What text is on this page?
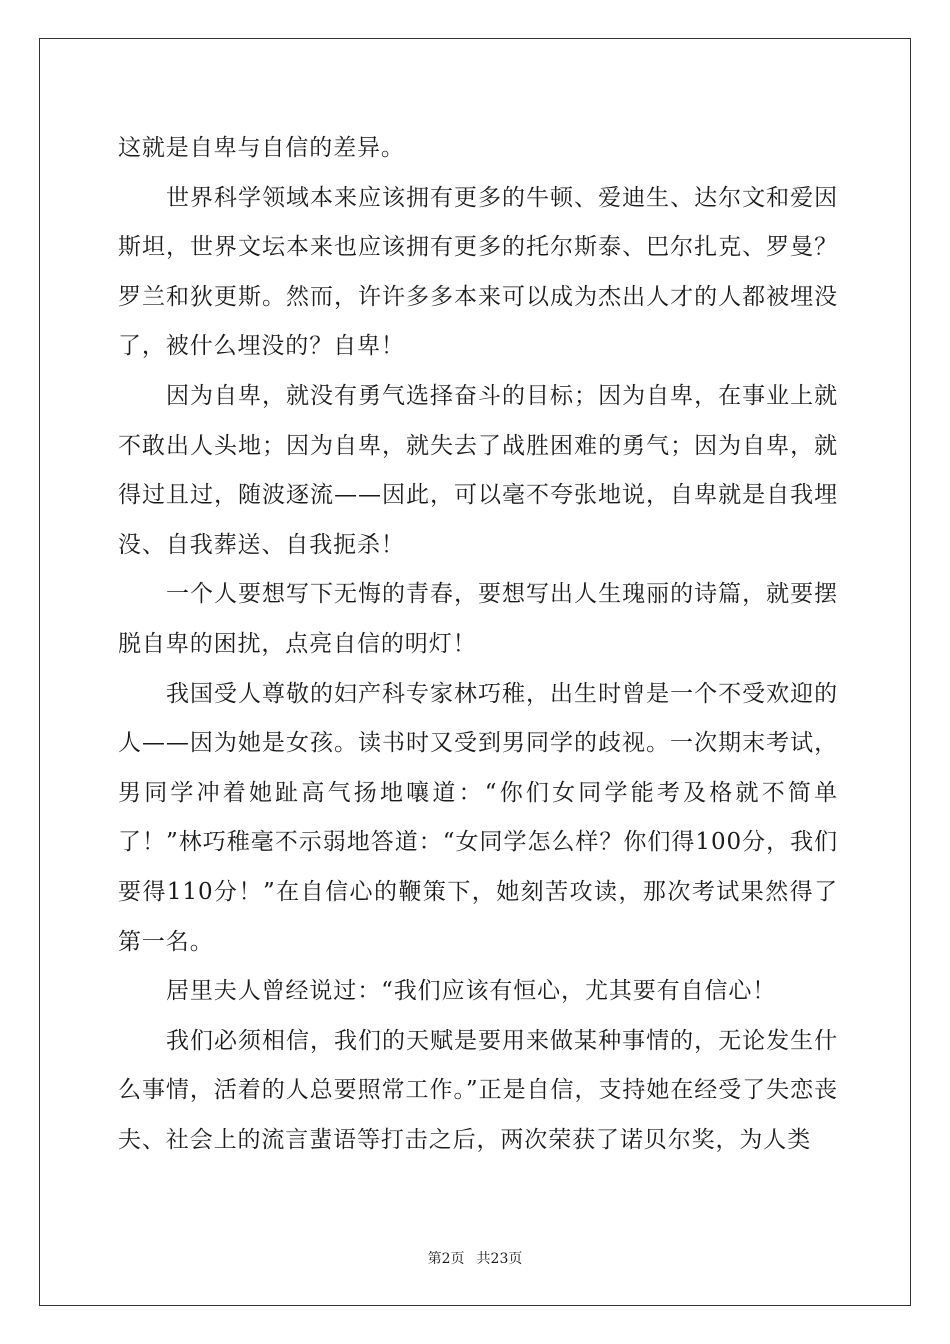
这就是自卑与自信的差异。

世界科学领域本来应该拥有更多的牛顿、爱迪生、达尔文和爱因斯坦，世界文坛本来也应该拥有更多的托尔斯泰、巴尔扎克、罗曼？罗兰和狄更斯。然而，许许多多本来可以成为杰出人才的人都被埋没了，被什么埋没的？自卑！

因为自卑，就没有勇气选择奋斗的目标；因为自卑，在事业上就不敢出人头地；因为自卑，就失去了战胜困难的勇气；因为自卑，就得过且过，随波逐流——因此，可以毫不夸张地说，自卑就是自我埋没、自我葬送、自我扼杀！

一个人要想写下无悔的青春，要想写出人生瑰丽的诗篇，就要摆脱自卑的困扰，点亮自信的明灯！

我国受人尊敬的妇产科专家林巧稚，出生时曾是一个不受欢迎的人——因为她是女孩。读书时又受到男同学的歧视。一次期末考试，男同学冲着她趾高气扬地嚷道：“你们女同学能考及格就不简单了！”林巧稚毫不示弱地答道：“女同学怎么样？你们得100分，我们要得110分！”在自信心的鞭策下，她刻苦攻读，那次考试果然得了第一名。

居里夫人曾经说过：“我们应该有恒心，尤其要有自信心！

我们必须相信，我们的天赋是要用来做某种事情的，无论发生什么事情，活着的人总要照常工作。”正是自信，支持她在经受了失恋丧夫、社会上的流言蜚语等打击之后，两次荣获了诺贝尔奖，为人类

第2页 共23页
